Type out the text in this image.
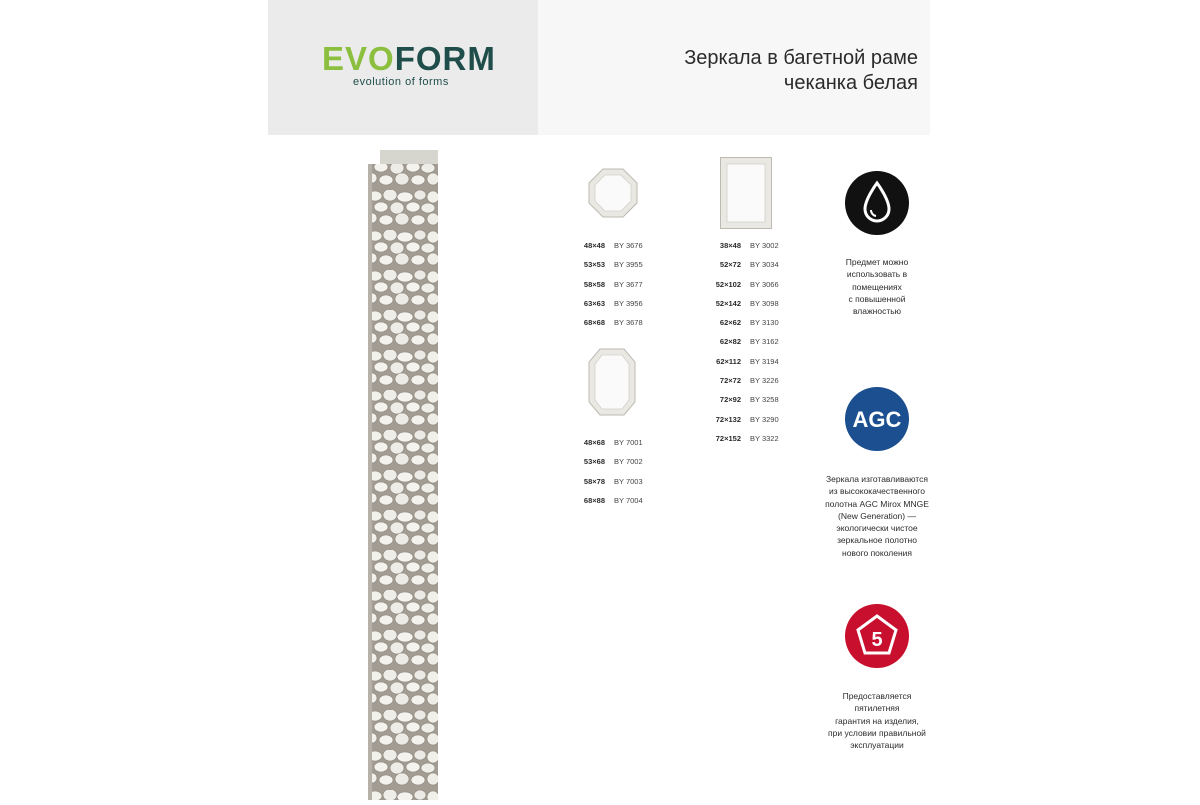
EVOFORM
evolution of forms
Зеркала в багетной раме
чеканка белая
48×48	BY 3676
53×53	BY 3955
58×58	BY 3677
63×63	BY 3956
68×68	BY 3678
48×68	BY 7001
53×68	BY 7002
58×78	BY 7003
68×88	BY 7004
38×48	BY 3002
52×72	BY 3034
52×102	BY 3066
52×142	BY 3098
62×62	BY 3130
62×82	BY 3162
62×112	BY 3194
72×72	BY 3226
72×92	BY 3258
72×132	BY 3290
72×152	BY 3322
Предмет можно
использовать в
помещениях
с повышенной
влажностью
AGC
Зеркала изготавливаются
из высококачественного
полотна AGC Mirox MNGE
(New Generation) —
экологически чистое
зеркальное полотно
нового поколения
5
Предоставляется
пятилетняя
гарантия на изделия,
при условии правильной
эксплуатации
